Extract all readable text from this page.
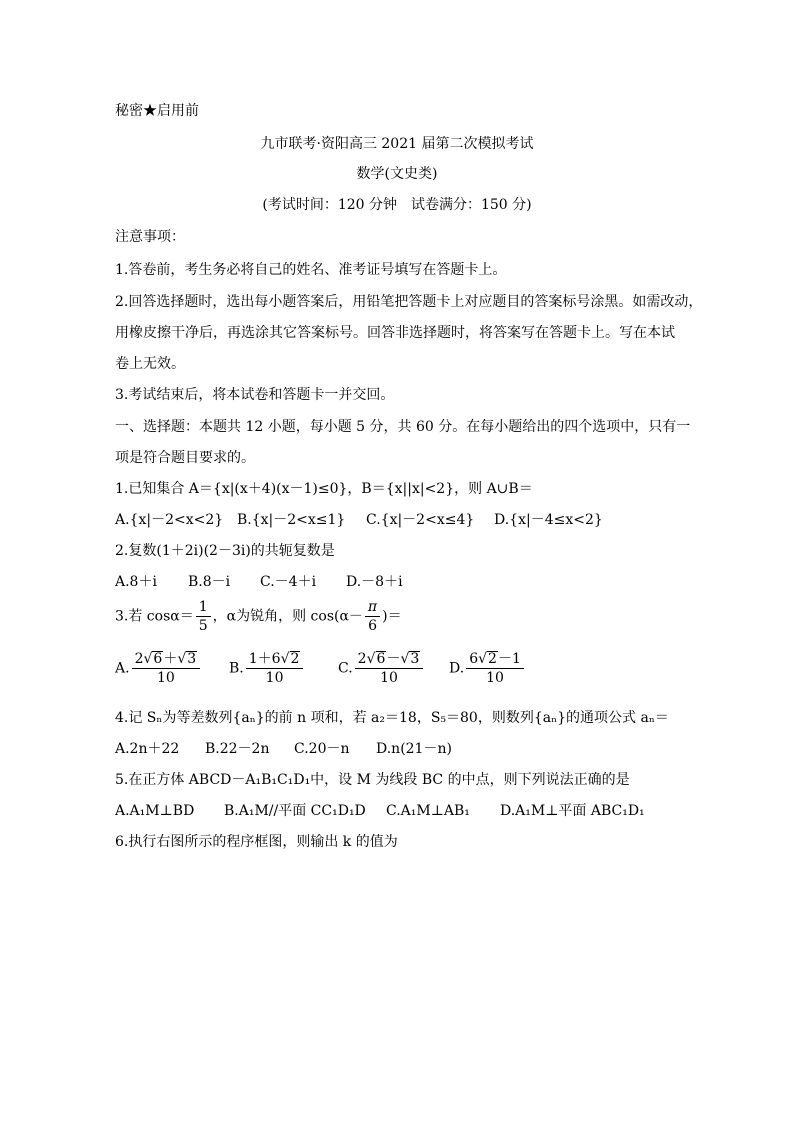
秘密★启用前
九市联考·资阳高三 2021 届第二次模拟考试
数学(文史类)
(考试时间：120 分钟　试卷满分：150 分)
注意事项：
1.答卷前，考生务必将自己的姓名、准考证号填写在答题卡上。
2.回答选择题时，选出每小题答案后，用铅笔把答题卡上对应题目的答案标号涂黑。如需改动，
用橡皮擦干净后，再选涂其它答案标号。回答非选择题时，将答案写在答题卡上。写在本试
卷上无效。
3.考试结束后，将本试卷和答题卡一并交回。
一、选择题：本题共 12 小题，每小题 5 分，共 60 分。在每小题给出的四个选项中，只有一
项是符合题目要求的。
1.已知集合 A＝{x|(x＋4)(x－1)≤0}，B＝{x||x|<2}，则 A∪B＝
A.{x|－2<x<2} B.{x|－2<x≤1} C.{x|－2<x≤4} D.{x|－4≤x<2}
2.复数(1＋2i)(2－3i)的共轭复数是
A.8＋i B.8－i C.－4＋i D.－8＋i
3.若 $\cos\alpha= \frac{1}{5}$ ，α为锐角，则 $\cos(\alpha- \frac{\pi}{6}$ )＝
A. $\frac{2√6+√3}{10} B$. $\frac{1+6√2}{10} C$. $\frac{2√6-√3}{10} D$. $\frac{6√2-1}{10}$
4.记 Sₙ为等差数列{aₙ}的前 n 项和，若 a₂＝18，S₅＝80，则数列{aₙ}的通项公式 aₙ＝
A.2n＋22 B.22－2n C.20－n D.n(21－n)
5.在正方体 ABCD－A₁B₁C₁D₁中，设 M 为线段 BC 的中点，则下列说法正确的是
A.A₁M⊥BD B.A₁M//平面 CC₁D₁D C.A₁M⊥AB₁ D.A₁M⊥平面 ABC₁D₁
6.执行右图所示的程序框图，则输出 k 的值为
